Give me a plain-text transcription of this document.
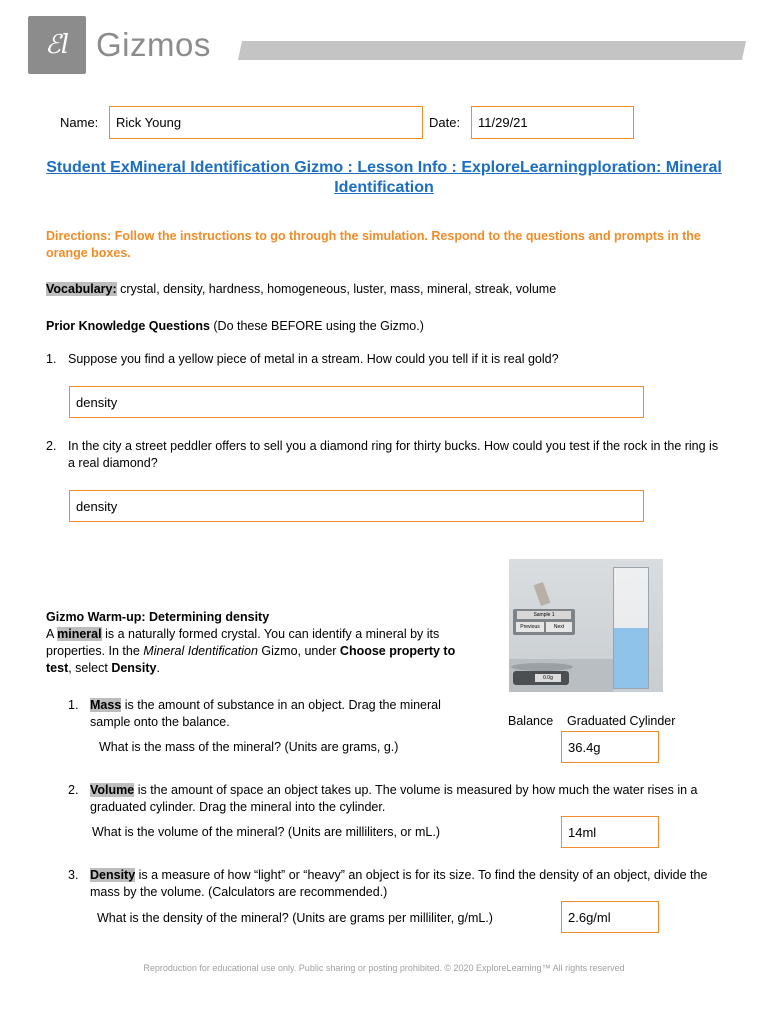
ℰl Gizmos
Name: Rick Young	Date: 11/29/21
Student ExMineral Identification Gizmo : Lesson Info : ExploreLearningploration: Mineral Identification
Directions: Follow the instructions to go through the simulation. Respond to the questions and prompts in the orange boxes.
Vocabulary: crystal, density, hardness, homogeneous, luster, mass, mineral, streak, volume
Prior Knowledge Questions (Do these BEFORE using the Gizmo.)
1. Suppose you find a yellow piece of metal in a stream. How could you tell if it is real gold?
density
2. In the city a street peddler offers to sell you a diamond ring for thirty bucks. How could you test if the rock in the ring is a real diamond?
density
Gizmo Warm-up: Determining density
A mineral is a naturally formed crystal. You can identify a mineral by its properties. In the Mineral Identification Gizmo, under Choose property to test, select Density.
Sample 1
Previous	Next
0.0g
Balance Graduated Cylinder
1. Mass is the amount of substance in an object. Drag the mineral sample onto the balance.
What is the mass of the mineral? (Units are grams, g.)	36.4g
2. Volume is the amount of space an object takes up. The volume is measured by how much the water rises in a graduated cylinder. Drag the mineral into the cylinder.
What is the volume of the mineral? (Units are milliliters, or mL.)	14ml
3. Density is a measure of how “light” or “heavy” an object is for its size. To find the density of an object, divide the mass by the volume. (Calculators are recommended.)
What is the density of the mineral? (Units are grams per milliliter, g/mL.)	2.6g/ml
Reproduction for educational use only. Public sharing or posting prohibited. © 2020 ExploreLearning™ All rights reserved
